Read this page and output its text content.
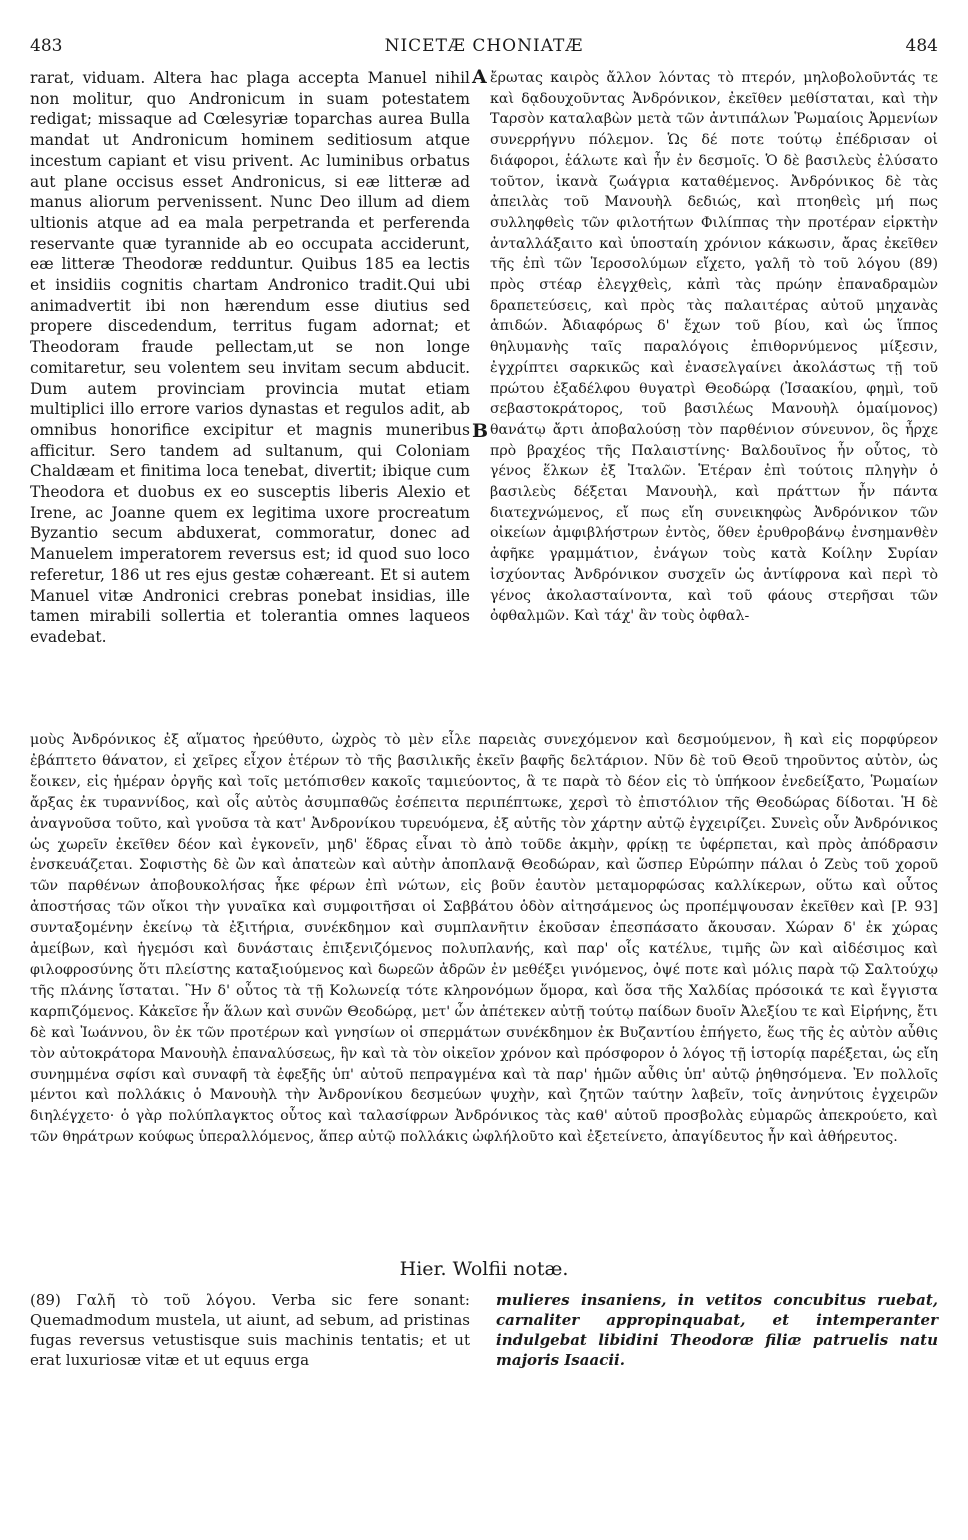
483	NICETÆ CHONIATÆ	484

rarat, viduam. Altera hac plaga accepta Manuel nihil non molitur, quo Andronicum in suam potestatem redigat; missaque ad Cœlesyriæ toparchas aurea Bulla mandat ut Andronicum hominem seditiosum atque incestum capiant et visu privent. Ac luminibus orbatus aut plane occisus esset Andronicus, si eæ litteræ ad manus aliorum pervenissent. Nunc Deo illum ad diem ultionis atque ad ea mala perpetranda et perferenda reservante quæ tyrannide ab eo occupata acciderunt, eæ litteræ Theodoræ redduntur. Quibus 185 ea lectis et insidiis cognitis chartam Andronico tradit.Qui ubi animadvertit ibi non hærendum esse diutius sed propere discedendum, territus fugam adornat; et Theodoram fraude pellectam,ut se non longe comitaretur, seu volentem seu invitam secum abducit. Dum autem provinciam provincia mutat etiam multiplici illo errore varios dynastas et regulos adit, ab omnibus honorifice excipitur et magnis muneribus afficitur. Sero tandem ad sultanum, qui Coloniam Chaldæam et finitima loca tenebat, divertit; ibique cum Theodora et duobus ex eo susceptis liberis Alexio et Irene, ac Joanne quem ex legitima uxore procreatum Byzantio secum abduxerat, commoratur, donec ad Manuelem imperatorem reversus est; id quod suo loco referetur, 186 ut res ejus gestæ cohæreant. Et si autem Manuel vitæ Andronici crebras ponebat insidias, ille tamen mirabili sollertia et tolerantia omnes laqueos evadebat.

A
B

ἔρωτας καιρὸς ἄλλον λόντας τὸ πτερόν, μηλοβολοῦντάς τε καὶ δᾳδουχοῦντας Ἀνδρόνικον, ἐκεῖθεν μεθίσταται, καὶ τὴν Ταρσὸν καταλαβὼν μετὰ τῶν ἀντιπάλων Ῥωμαίοις Ἀρμενίων συνερρήγνυ πόλεμον. Ὡς δέ ποτε τούτῳ ἐπέδρισαν οἱ διάφοροι, ἑάλωτε καὶ ἦν ἐν δεσμοῖς. Ὁ δὲ βασιλεὺς ἐλύσατο τοῦτον, ἱκανὰ ζωάγρια καταθέμενος. Ἀνδρόνικος δὲ τὰς ἀπειλὰς τοῦ Μανουὴλ δεδιώς, καὶ πτοηθεὶς μή πως συλληφθεὶς τῶν φιλοτήτων Φιλίππας τὴν προτέραν εἱρκτὴν ἀνταλλάξαιτο καὶ ὑποσταίη χρόνιον κάκωσιν, ἄρας ἐκεῖθεν τῆς ἐπὶ τῶν Ἱεροσολύμων εἴχετο, γαλῆ τὸ τοῦ λόγου (89) πρὸς στέαρ ἐλεγχθεὶς, κἀπὶ τὰς πρώην ἐπαναδραμὼν δραπετεύσεις, καὶ πρὸς τὰς παλαιτέρας αὐτοῦ μηχανὰς ἀπιδών. Ἀδιαφόρως δ' ἔχων τοῦ βίου, καὶ ὡς ἵππος θηλυμανὴς ταῖς παραλόγοις ἐπιθορνύμενος μίξεσιν, ἐγχρίπτει σαρκικῶς καὶ ἐνασελγαίνει ἀκολάστως τῇ τοῦ πρώτου ἐξαδέλφου θυγατρὶ Θεοδώρᾳ (Ἰσαακίου, φημὶ, τοῦ σεβαστοκράτορος, τοῦ βασιλέως Μανουὴλ ὁμαίμονος) θανάτῳ ἄρτι ἀποβαλούσῃ τὸν παρθένιον σύνευνον, ὃς ἦρχε πρὸ βραχέος τῆς Παλαιστίνης· Βαλδουῖνος ἦν οὗτος, τὸ γένος ἕλκων ἐξ Ἰταλῶν. Ἑτέραν ἐπὶ τούτοις πληγὴν ὁ βασιλεὺς δέξεται Μανουὴλ, καὶ πράττων ἦν πάντα διατεχνώμενος, εἴ πως εἴη συνεικηφὼς Ἀνδρόνικον τῶν οἰκείων ἀμφιβλήστρων ἐντὸς, ὅθεν ἐρυθροβάνῳ ἐνσημανθὲν ἀφῆκε γραμμάτιον, ἐνάγων τοὺς κατὰ Κοίλην Συρίαν ἰσχύοντας Ἀνδρόνικον συσχεῖν ὡς ἀντίφρονα καὶ περὶ τὸ γένος ἀκολασταίνοντα, καὶ τοῦ φάους στερῆσαι τῶν ὀφθαλμῶν. Καὶ τάχ' ἂν τοὺς ὀφθαλ-

μοὺς Ἀνδρόνικος ἐξ αἵματος ἠρεύθυτο, ὠχρὸς τὸ μὲν εἶλε παρειὰς συνεχόμενον καὶ δεσμούμενον, ἢ καὶ εἰς πορφύρεον ἐβάπτετο θάνατον, εἰ χεῖρες εἶχον ἑτέρων τὸ τῆς βασιλικῆς ἐκεῖν βαφῆς δελτάριον. Νῦν δὲ τοῦ Θεοῦ τηροῦντος αὐτὸν, ὡς ἔοικεν, εἰς ἡμέραν ὀργῆς καὶ τοῖς μετόπισθεν κακοῖς ταμιεύοντος, ἃ τε παρὰ τὸ δέον εἰς τὸ ὑπήκοον ἐνεδείξατο, Ῥωμαίων ἄρξας ἐκ τυραννίδος, καὶ οἷς αὐτὸς ἀσυμπαθῶς ἐσέπειτα περιπέπτωκε, χερσὶ τὸ ἐπιστόλιον τῆς Θεοδώρας δίδοται. Ἡ δὲ ἀναγνοῦσα τοῦτο, καὶ γνοῦσα τὰ κατ' Ἀνδρονίκου τυρευόμενα, ἐξ αὐτῆς τὸν χάρτην αὐτῷ ἐγχειρίζει. Συνεὶς οὖν Ἀνδρόνικος ὡς χωρεῖν ἐκεῖθεν δέον καὶ ἐγκονεῖν, μηδ' ἕδρας εἶναι τὸ ἀπὸ τοῦδε ἀκμὴν, φρίκῃ τε ὑφέρπεται, καὶ πρὸς ἀπόδρασιν ἐνσκευάζεται. Σοφιστὴς δὲ ὢν καὶ ἀπατεὼν καὶ αὐτὴν ἀποπλανᾷ Θεοδώραν, καὶ ὥσπερ Εὐρώπην πάλαι ὁ Ζεὺς τοῦ χοροῦ τῶν παρθένων ἀποβουκολήσας ἧκε φέρων ἐπὶ νώτων, εἰς βοῦν ἑαυτὸν μεταμορφώσας καλλίκερων, οὕτω καὶ οὗτος ἀποστήσας τῶν οἴκοι τὴν γυναῖκα καὶ συμφοιτῆσαι οἱ Σαββάτου ὁδὸν αἰτησάμενος ὡς προπέμψουσαν ἐκεῖθεν καὶ [P. 93] συνταξομένην ἐκείνῳ τὰ ἐξιτήρια, συνέκδημον καὶ συμπλανῆτιν ἑκοῦσαν ἐπεσπάσατο ἄκουσαν. Χώραν δ' ἐκ χώρας ἀμείβων, καὶ ἡγεμόσι καὶ δυνάσταις ἐπιξενιζόμενος πολυπλανής, καὶ παρ' οἷς κατέλυε, τιμῆς ὢν καὶ αἰδέσιμος καὶ φιλοφροσύνης ὅτι πλείστης καταξιούμενος καὶ δωρεῶν ἀδρῶν ἐν μεθέξει γινόμενος, ὀψέ ποτε καὶ μόλις παρὰ τῷ Σαλτούχῳ τῆς πλάνης ἵσταται. Ἣν δ' οὗτος τὰ τῇ Κολωνείᾳ τότε κληρονόμων ὅμορα, καὶ ὅσα τῆς Χαλδίας πρόσοικά τε καὶ ἔγγιστα καρπιζόμενος. Κἀκεῖσε ἦν ἅλων καὶ συνῶν Θεοδώρᾳ, μετ' ὧν ἀπέτεκεν αὐτῇ τούτῳ παίδων δυοῖν Ἀλεξίου τε καὶ Εἰρήνης, ἔτι δὲ καὶ Ἰωάννου, ὃν ἐκ τῶν προτέρων καὶ γνησίων οἱ σπερμάτων συνέκδημον ἐκ Βυζαντίου ἐπήγετο, ἕως τῆς ἐς αὐτὸν αὖθις τὸν αὐτοκράτορα Μανουὴλ ἐπαναλύσεως, ἣν καὶ τὰ τὸν οἰκεῖον χρόνον καὶ πρόσφορον ὁ λόγος τῇ ἱστορίᾳ παρέξεται, ὡς εἴη συνημμένα σφίσι καὶ συναφῆ τὰ ἐφεξῆς ὑπ' αὐτοῦ πεπραγμένα καὶ τὰ παρ' ἡμῶν αὖθις ὑπ' αὐτῷ ῥηθησόμενα. Ἐν πολλοῖς μέντοι καὶ πολλάκις ὁ Μανουὴλ τὴν Ἀνδρονίκου δεσμεύων ψυχὴν, καὶ ζητῶν ταύτην λαβεῖν, τοῖς ἀνηνύτοις ἐγχειρῶν διηλέγχετο· ὁ γὰρ πολύπλαγκτος οὗτος καὶ ταλασίφρων Ἀνδρόνικος τὰς καθ' αὑτοῦ προσβολὰς εὐμαρῶς ἀπεκρούετο, καὶ τῶν θηράτρων κούφως ὑπεραλλόμενος, ἅπερ αὐτῷ πολλάκις ὠφλήλοῦτο καὶ ἐξετείνετο, ἀπαγίδευτος ἦν καὶ ἀθήρευτος.

Hier. Wolfii notæ.

(89) Γαλῆ τὸ τοῦ λόγου. Verba sic fere sonant: Quemadmodum mustela, ut aiunt, ad sebum, ad pristinas fugas reversus vetustisque suis machinis tentatis; et ut erat luxuriosæ vitæ et ut equus erga

mulieres insaniens, in vetitos concubitus ruebat, carnaliter appropinquabat, et intemperanter indulgebat libidini Theodoræ filiæ patruelis natu majoris Isaacii.
